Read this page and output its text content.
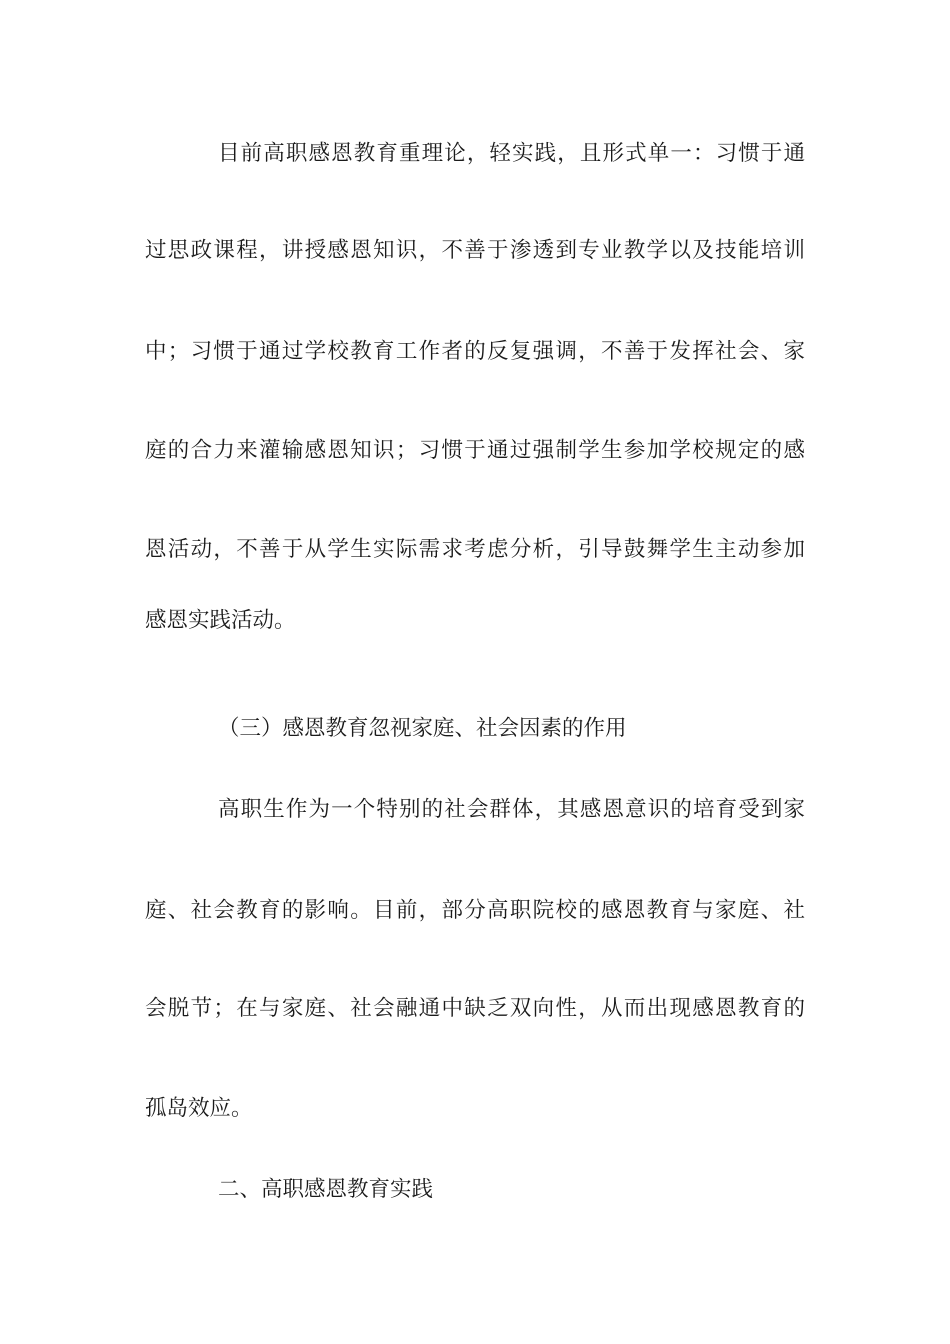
目前高职感恩教育重理论，轻实践，且形式单一：习惯于通
过思政课程，讲授感恩知识，不善于渗透到专业教学以及技能培训
中；习惯于通过学校教育工作者的反复强调，不善于发挥社会、家
庭的合力来灌输感恩知识；习惯于通过强制学生参加学校规定的感
恩活动，不善于从学生实际需求考虑分析，引导鼓舞学生主动参加
感恩实践活动。
（三）感恩教育忽视家庭、社会因素的作用
高职生作为一个特别的社会群体，其感恩意识的培育受到家
庭、社会教育的影响。目前，部分高职院校的感恩教育与家庭、社
会脱节；在与家庭、社会融通中缺乏双向性，从而出现感恩教育的
孤岛效应。
二、高职感恩教育实践
